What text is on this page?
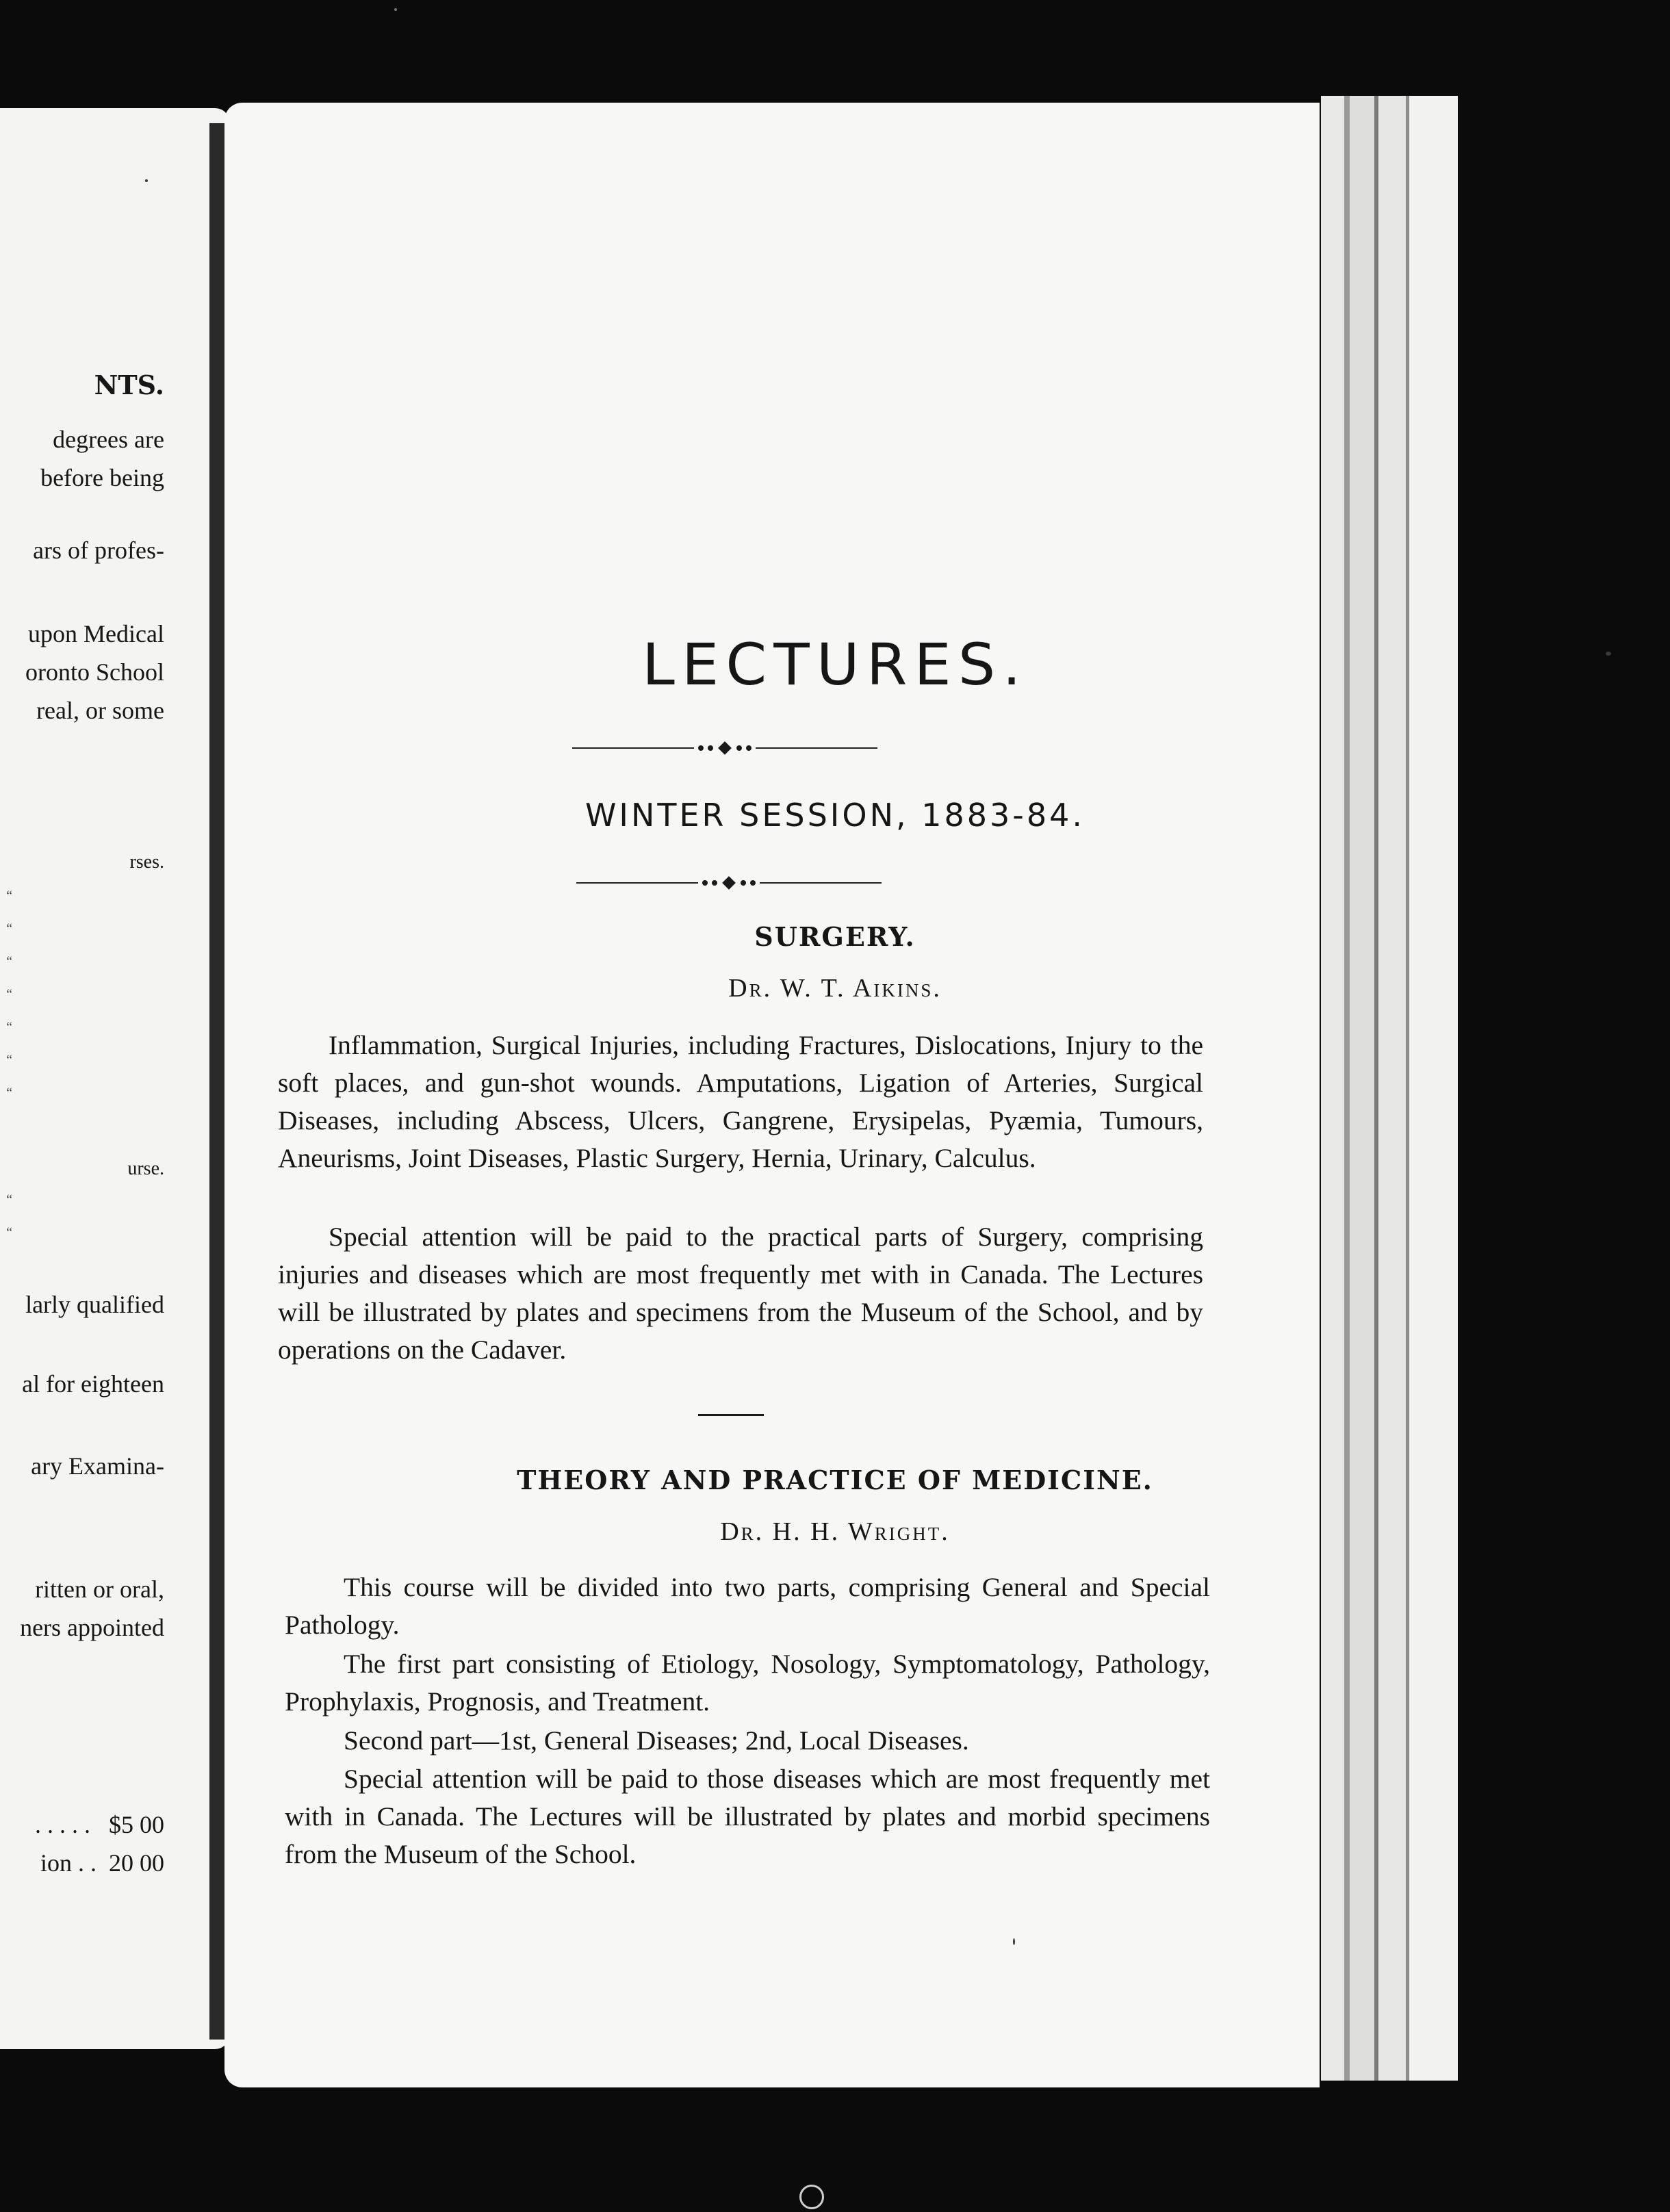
NTS.
degrees are
before being
ars of profes-
upon Medical
oronto School
real, or some
rses.
“
“
“
“
“
“
“
urse.
“
“
larly qualified
al for eighteen
ary Examina-
ritten or oral,
ners appointed
. . . . .   $5 00
ion . .  20 00
LECTURES.
WINTER SESSION, 1883-84.
SURGERY.
Dr. W. T. Aikins.

Inflammation, Surgical Injuries, including Fractures, Dislocations, Injury to the soft places, and gun-shot wounds. Amputations, Ligation of Arteries, Surgical Diseases, including Abscess, Ulcers, Gangrene, Erysipelas, Pyæmia, Tumours, Aneurisms, Joint Diseases, Plastic Surgery, Hernia, Urinary, Calculus.

Special attention will be paid to the practical parts of Surgery, comprising injuries and diseases which are most frequently met with in Canada. The Lectures will be illustrated by plates and specimens from the Museum of the School, and by operations on the Cadaver.

THEORY AND PRACTICE OF MEDICINE.
Dr. H. H. Wright.

This course will be divided into two parts, comprising General and Special Pathology.

The first part consisting of Etiology, Nosology, Symptomatology, Pathology, Prophylaxis, Prognosis, and Treatment.

Second part—1st, General Diseases; 2nd, Local Diseases.

Special attention will be paid to those diseases which are most frequently met with in Canada. The Lectures will be illustrated by plates and morbid specimens from the Museum of the School.
